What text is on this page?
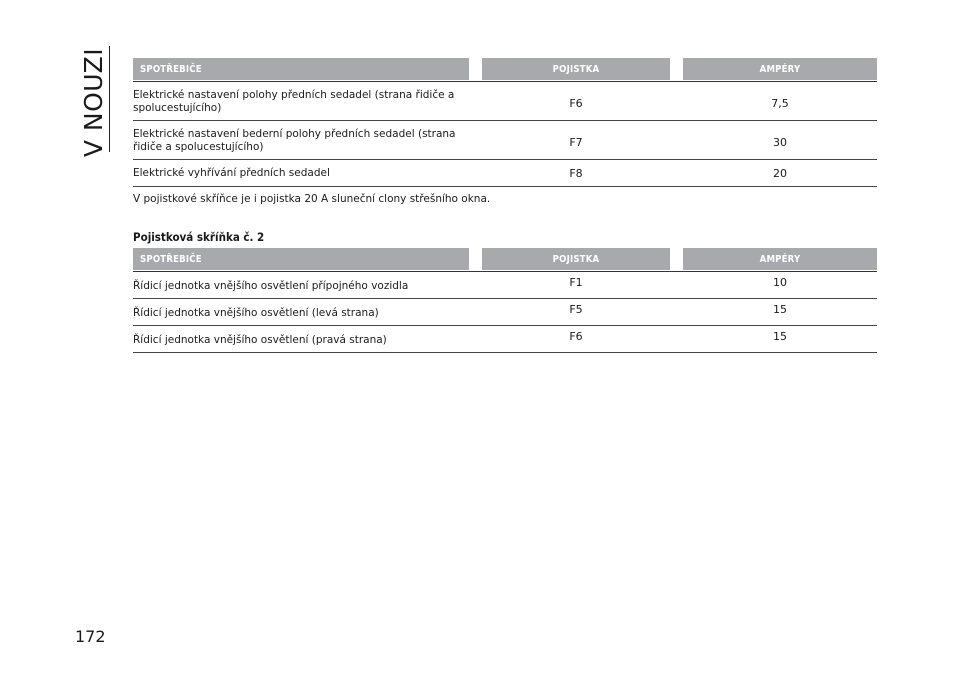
V NOUZI	SPOTŘEBIČE	POJISTKA	AMPÉRY
Elektrické nastavení polohy předních sedadel (strana řidiče a spolucestujícího)	F6	7,5
Elektrické nastavení bederní polohy předních sedadel (strana řidiče a spolucestujícího)	F7	30
Elektrické vyhřívání předních sedadel	F8	20
V pojistkové skříňce je i pojistka 20 A sluneční clony střešního okna.
Pojistková skříňka č. 2
SPOTŘEBIČE	POJISTKA	AMPÉRY
Řídicí jednotka vnějšího osvětlení přípojného vozidla	F1	10
Řídicí jednotka vnějšího osvětlení (levá strana)	F5	15
Řídicí jednotka vnějšího osvětlení (pravá strana)	F6	15
172
